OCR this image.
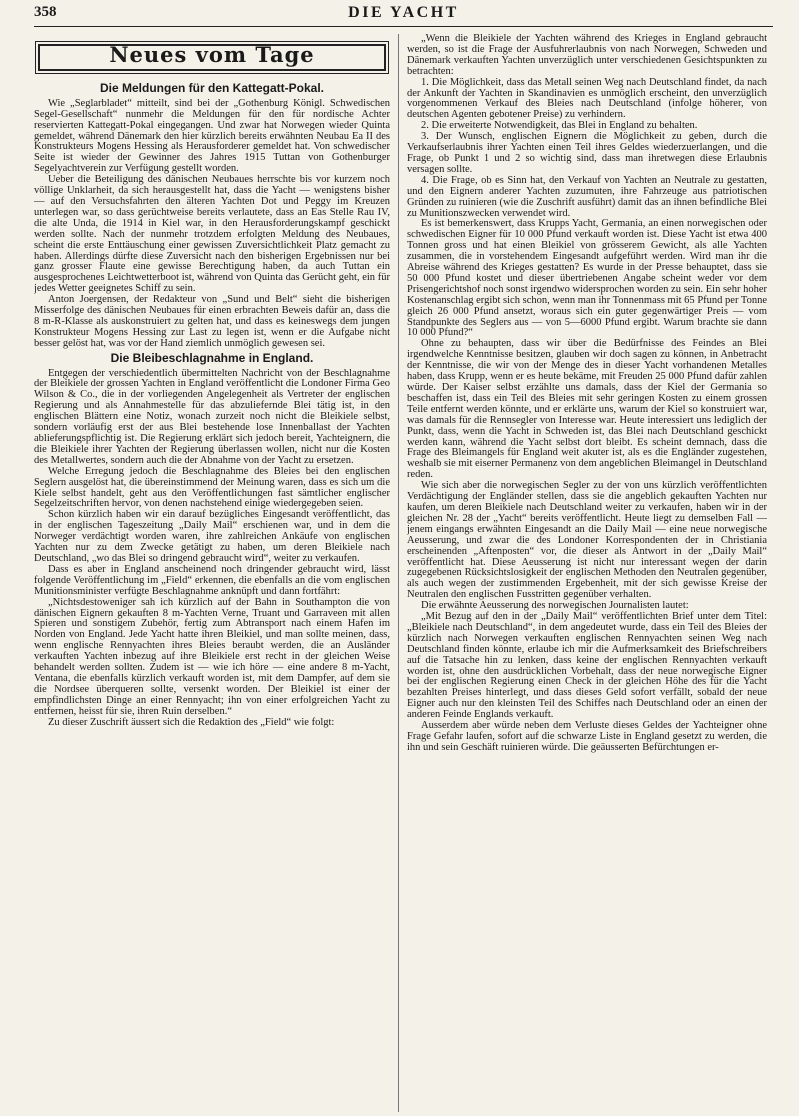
358	DIE YACHT
Neues vom Tage
Die Meldungen für den Kattegatt-Pokal.

Wie „Seglarbladet“ mitteilt, sind bei der „Gothenburg Königl. Schwedischen Segel-Gesellschaft“ nunmehr die Meldungen für den für nordische Achter reservierten Kattegatt-Pokal eingegangen. Und zwar hat Norwegen wieder Quinta gemeldet, während Dänemark den hier kürzlich bereits erwähnten Neubau Ea II des Konstrukteurs Mogens Hessing als Herausforderer gemeldet hat. Von schwedischer Seite ist wieder der Gewinner des Jahres 1915 Tuttan von Gothenburger Segelyachtverein zur Verfügung gestellt worden.

Ueber die Beteiligung des dänischen Neubaues herrschte bis vor kurzem noch völlige Unklarheit, da sich herausgestellt hat, dass die Yacht — wenigstens bisher — auf den Versuchsfahrten den älteren Yachten Dot und Peggy im Kreuzen unterlegen war, so dass gerüchtweise bereits verlautete, dass an Eas Stelle Rau IV, die alte Unda, die 1914 in Kiel war, in den Herausforderungskampf geschickt werden sollte. Nach der nunmehr trotzdem erfolgten Meldung des Neubaues, scheint die erste Enttäuschung einer gewissen Zuversichtlichkeit Platz gemacht zu haben. Allerdings dürfte diese Zuversicht nach den bisherigen Ergebnissen nur bei ganz grosser Flaute eine gewisse Berechtigung haben, da auch Tuttan ein ausgesprochenes Leichtwetterboot ist, während von Quinta das Gerücht geht, ein für jedes Wetter geeignetes Schiff zu sein.

Anton Joergensen, der Redakteur von „Sund und Belt“ sieht die bisherigen Misserfolge des dänischen Neubaues für einen erbrachten Beweis dafür an, dass die 8 m-R-Klasse als auskonstruiert zu gelten hat, und dass es keineswegs dem jungen Konstrukteur Mogens Hessing zur Last zu legen ist, wenn er die Aufgabe nicht besser gelöst hat, was vor der Hand ziemlich unmöglich gewesen sei.

Die Bleibeschlagnahme in England.

Entgegen der verschiedentlich übermittelten Nachricht von der Beschlagnahme der Bleikiele der grossen Yachten in England veröffentlicht die Londoner Firma Geo Wilson & Co., die in der vorliegenden Angelegenheit als Vertreter der englischen Regierung und als Annahmestelle für das abzuliefernde Blei tätig ist, in den englischen Blättern eine Notiz, wonach zurzeit noch nicht die Bleikiele selbst, sondern vorläufig erst der aus Blei bestehende lose Innenballast der Yachten ablieferungspflichtig ist. Die Regierung erklärt sich jedoch bereit, Yachteignern, die die Bleikiele ihrer Yachten der Regierung überlassen wollen, nicht nur die Kosten des Metallwertes, sondern auch die der Abnahme von der Yacht zu ersetzen.

Welche Erregung jedoch die Beschlagnahme des Bleies bei den englischen Seglern ausgelöst hat, die übereinstimmend der Meinung waren, dass es sich um die Kiele selbst handelt, geht aus den Veröffentlichungen fast sämtlicher englischer Segelzeitschriften hervor, von denen nachstehend einige wiedergegeben seien.

Schon kürzlich haben wir ein darauf bezügliches Eingesandt veröffentlicht, das in der englischen Tageszeitung „Daily Mail“ erschienen war, und in dem die Norweger verdächtigt worden waren, ihre zahlreichen Ankäufe von englischen Yachten nur zu dem Zwecke getätigt zu haben, um deren Bleikiele nach Deutschland, „wo das Blei so dringend gebraucht wird“, weiter zu verkaufen.

Dass es aber in England anscheinend noch dringender gebraucht wird, lässt folgende Veröffentlichung im „Field“ erkennen, die ebenfalls an die vom englischen Munitionsminister verfügte Beschlagnahme anknüpft und dann fortfährt:

„Nichtsdestoweniger sah ich kürzlich auf der Bahn in Southampton die von dänischen Eignern gekauften 8 m-Yachten Verne, Truant und Garraveen mit allen Spieren und sonstigem Zubehör, fertig zum Abtransport nach einem Hafen im Norden von England. Jede Yacht hatte ihren Bleikiel, und man sollte meinen, dass, wenn englische Rennyachten ihres Bleies beraubt werden, die an Ausländer verkauften Yachten inbezug auf ihre Bleikiele erst recht in der gleichen Weise behandelt werden sollten. Zudem ist — wie ich höre — eine andere 8 m-Yacht, Ventana, die ebenfalls kürzlich verkauft worden ist, mit dem Dampfer, auf dem sie die Nordsee überqueren sollte, versenkt worden. Der Bleikiel ist einer der empfindlichsten Dinge an einer Rennyacht; ihn von einer erfolgreichen Yacht zu entfernen, heisst für sie, ihren Ruin derselben.“

Zu dieser Zuschrift äussert sich die Redaktion des „Field“ wie folgt:

„Wenn die Bleikiele der Yachten während des Krieges in England gebraucht werden, so ist die Frage der Ausfuhrerlaubnis von nach Norwegen, Schweden und Dänemark verkauften Yachten unverzüglich unter verschiedenen Gesichtspunkten zu betrachten:

1. Die Möglichkeit, dass das Metall seinen Weg nach Deutschland findet, da nach der Ankunft der Yachten in Skandinavien es unmöglich erscheint, den unverzüglich vorgenommenen Verkauf des Bleies nach Deutschland (infolge höherer, von deutschen Agenten gebotener Preise) zu verhindern.

2. Die erweiterte Notwendigkeit, das Blei in England zu behalten.

3. Der Wunsch, englischen Eignern die Möglichkeit zu geben, durch die Verkaufserlaubnis ihrer Yachten einen Teil ihres Geldes wiederzuerlangen, und die Frage, ob Punkt 1 und 2 so wichtig sind, dass man ihretwegen diese Erlaubnis versagen sollte.

4. Die Frage, ob es Sinn hat, den Verkauf von Yachten an Neutrale zu gestatten, und den Eignern anderer Yachten zuzumuten, ihre Fahrzeuge aus patriotischen Gründen zu ruinieren (wie die Zuschrift ausführt) damit das an ihnen befindliche Blei zu Munitionszwecken verwendet wird.

Es ist bemerkenswert, dass Krupps Yacht, Germania, an einen norwegischen oder schwedischen Eigner für 10 000 Pfund verkauft worden ist. Diese Yacht ist etwa 400 Tonnen gross und hat einen Bleikiel von grösserem Gewicht, als alle Yachten zusammen, die in vorstehendem Eingesandt aufgeführt werden. Wird man ihr die Abreise während des Krieges gestatten? Es wurde in der Presse behauptet, dass sie 50 000 Pfund kostet und dieser übertriebenen Angabe scheint weder vor dem Prisengerichtshof noch sonst irgendwo widersprochen worden zu sein. Ein sehr hoher Kostenanschlag ergibt sich schon, wenn man ihr Tonnenmass mit 65 Pfund per Tonne gleich 26 000 Pfund ansetzt, woraus sich ein guter gegenwärtiger Preis — vom Standpunkte des Seglers aus — von 5—6000 Pfund ergibt. Warum brachte sie dann 10 000 Pfund?“

Ohne zu behaupten, dass wir über die Bedürfnisse des Feindes an Blei irgendwelche Kenntnisse besitzen, glauben wir doch sagen zu können, in Anbetracht der Kenntnisse, die wir von der Menge des in dieser Yacht vorhandenen Metalles haben, dass Krupp, wenn er es heute bekäme, mit Freuden 25 000 Pfund dafür zahlen würde. Der Kaiser selbst erzählte uns damals, dass der Kiel der Germania so beschaffen ist, dass ein Teil des Bleies mit sehr geringen Kosten zu einem grossen Teile entfernt werden könnte, und er erklärte uns, warum der Kiel so konstruiert war, was damals für die Rennsegler von Interesse war. Heute interessiert uns lediglich der Punkt, dass, wenn die Yacht in Schweden ist, das Blei nach Deutschland geschickt werden kann, während die Yacht selbst dort bleibt. Es scheint demnach, dass die Frage des Bleimangels für England weit akuter ist, als es die Engländer zugestehen, weshalb sie mit eiserner Permanenz von dem angeblichen Bleimangel in Deutschland reden.

Wie sich aber die norwegischen Segler zu der von uns kürzlich veröffentlichten Verdächtigung der Engländer stellen, dass sie die angeblich gekauften Yachten nur kaufen, um deren Bleikiele nach Deutschland weiter zu verkaufen, haben wir in der gleichen Nr. 28 der „Yacht“ bereits veröffentlicht. Heute liegt zu demselben Fall — jenem eingangs erwähnten Eingesandt an die Daily Mail — eine neue norwegische Aeusserung, und zwar die des Londoner Korrespondenten der in Christiania erscheinenden „Aftenposten“ vor, die dieser als Antwort in der „Daily Mail“ veröffentlicht hat. Diese Aeusserung ist nicht nur interessant wegen der darin zugegebenen Rücksichtslosigkeit der englischen Methoden den Neutralen gegenüber, als auch wegen der zustimmenden Ergebenheit, mit der sich gewisse Kreise der Neutralen den englischen Fusstritten gegenüber verhalten.

Die erwähnte Aeusserung des norwegischen Journalisten lautet:

„Mit Bezug auf den in der „Daily Mail“ veröffentlichten Brief unter dem Titel: „Bleikiele nach Deutschland“, in dem angedeutet wurde, dass ein Teil des Bleies der kürzlich nach Norwegen verkauften englischen Rennyachten seinen Weg nach Deutschland finden könnte, erlaube ich mir die Aufmerksamkeit des Briefschreibers auf die Tatsache hin zu lenken, dass keine der englischen Rennyachten verkauft worden ist, ohne den ausdrücklichen Vorbehalt, dass der neue norwegische Eigner bei der englischen Regierung einen Check in der gleichen Höhe des für die Yacht bezahlten Preises hinterlegt, und dass dieses Geld sofort verfällt, sobald der neue Eigner auch nur den kleinsten Teil des Schiffes nach Deutschland oder an einen der anderen Feinde Englands verkauft.

Ausserdem aber würde neben dem Verluste dieses Geldes der Yachteigner ohne Frage Gefahr laufen, sofort auf die schwarze Liste in England gesetzt zu werden, die ihn und sein Geschäft ruinieren würde. Die geäusserten Befürchtungen er-
